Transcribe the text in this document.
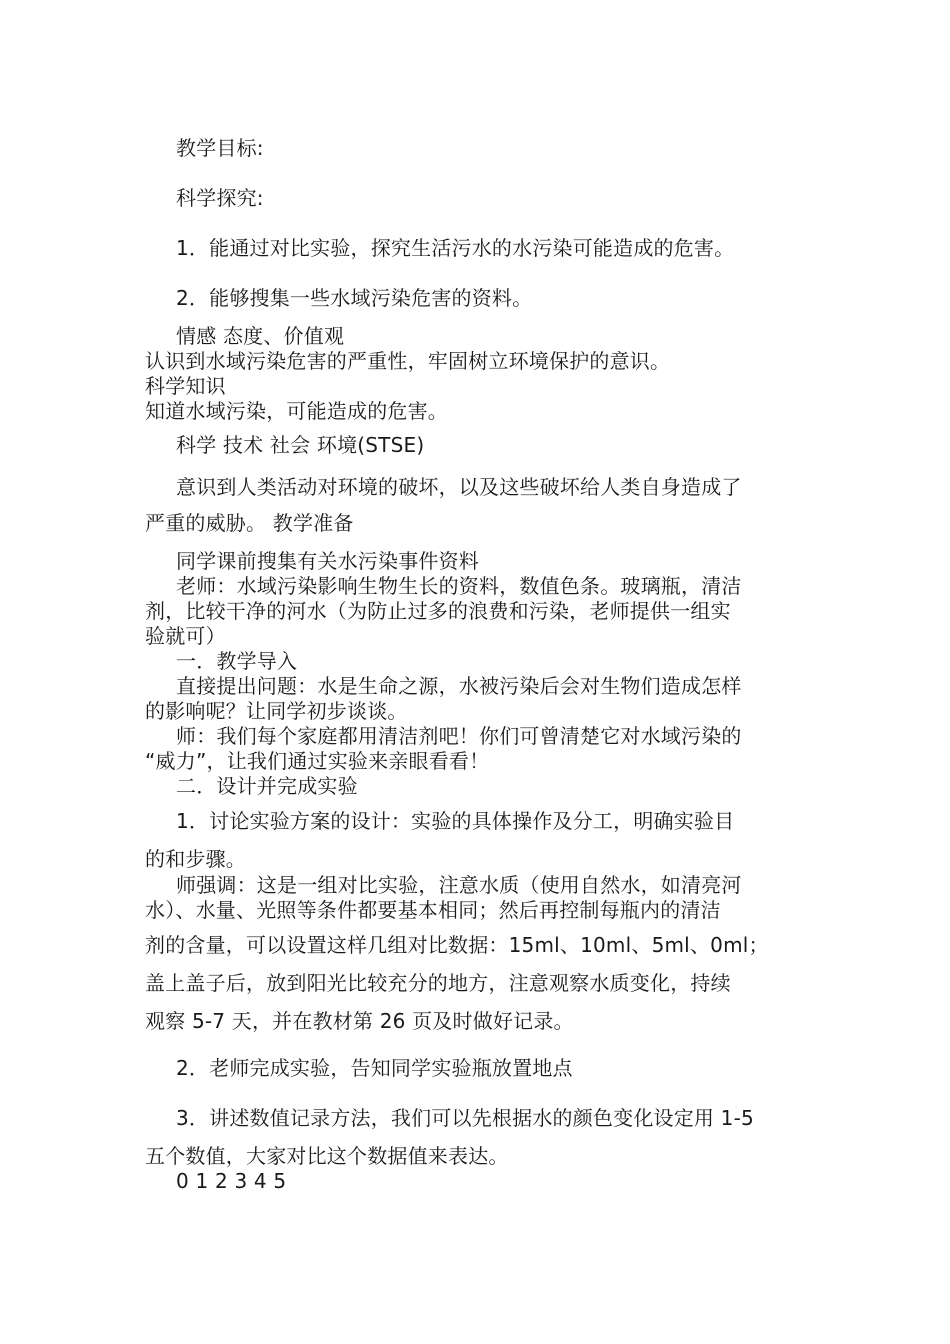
教学目标:
科学探究:
1．能通过对比实验，探究生活污水的水污染可能造成的危害。
2．能够搜集一些水域污染危害的资料。
情感 态度、价值观
认识到水域污染危害的严重性，牢固树立环境保护的意识。
科学知识
知道水域污染，可能造成的危害。
科学 技术 社会 环境(STSE)
意识到人类活动对环境的破坏，以及这些破坏给人类自身造成了
严重的威胁。 教学准备
同学课前搜集有关水污染事件资料
老师：水域污染影响生物生长的资料，数值色条。玻璃瓶，清洁
剂，比较干净的河水（为防止过多的浪费和污染，老师提供一组实
验就可）
一．教学导入
直接提出问题：水是生命之源，水被污染后会对生物们造成怎样
的影响呢？让同学初步谈谈。
师：我们每个家庭都用清洁剂吧！你们可曾清楚它对水域污染的
“威力”，让我们通过实验来亲眼看看！
二．设计并完成实验
1．讨论实验方案的设计：实验的具体操作及分工，明确实验目
的和步骤。
师强调：这是一组对比实验，注意水质（使用自然水，如清亮河
水）、水量、光照等条件都要基本相同；然后再控制每瓶内的清洁
剂的含量，可以设置这样几组对比数据：15ml、10ml、5ml、0ml；
盖上盖子后，放到阳光比较充分的地方，注意观察水质变化，持续
观察 5-7 天，并在教材第 26 页及时做好记录。
2．老师完成实验，告知同学实验瓶放置地点
3．讲述数值记录方法，我们可以先根据水的颜色变化设定用 1-5
五个数值，大家对比这个数据值来表达。
0 1 2 3 4 5
